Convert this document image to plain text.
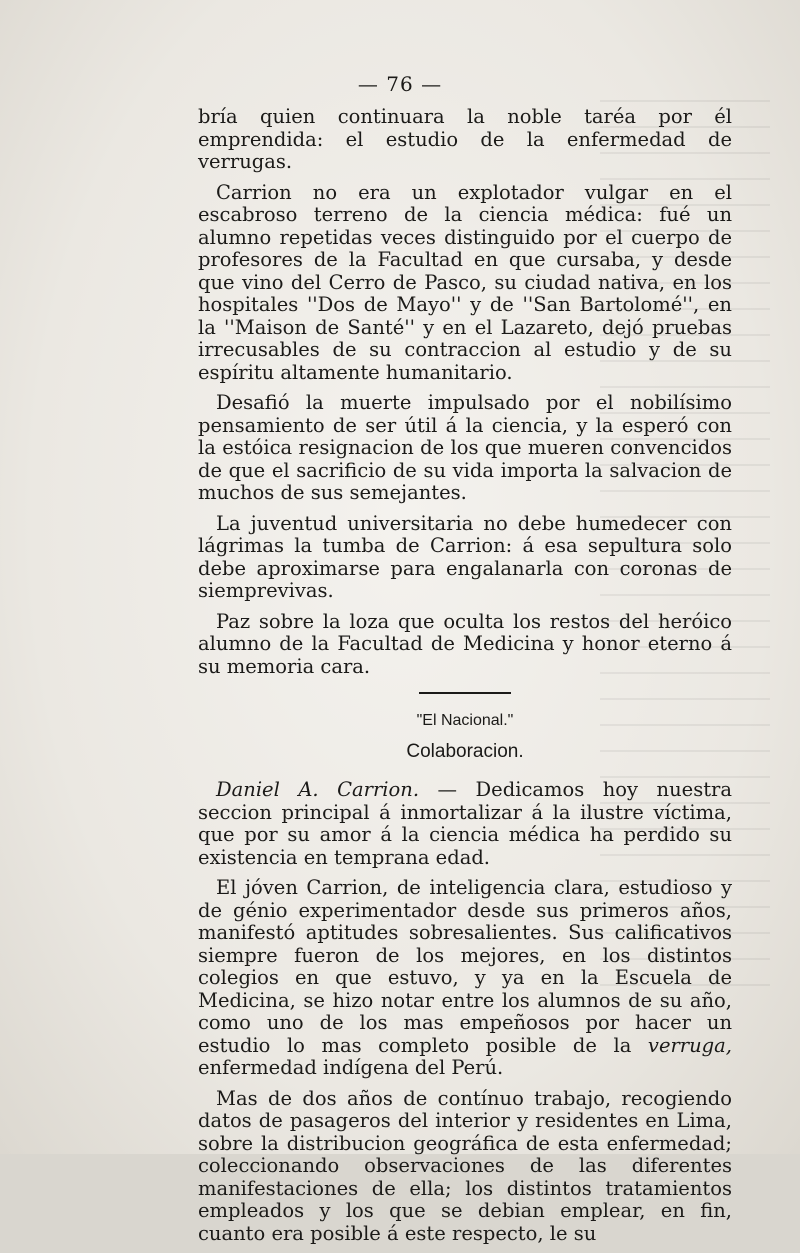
— 76 —

bría quien continuara la noble taréa por él emprendida: el estudio de la enfermedad de verrugas.

Carrion no era un explotador vulgar en el escabroso terreno de la ciencia médica: fué un alumno repetidas veces distinguido por el cuerpo de profesores de la Facultad en que cursaba, y desde que vino del Cerro de Pasco, su ciudad nativa, en los hospitales ''Dos de Mayo'' y de ''San Bartolomé'', en la ''Maison de Santé'' y en el Lazareto, dejó pruebas irrecusables de su contraccion al estudio y de su espíritu altamente humanitario.

Desafió la muerte impulsado por el nobilísimo pensamiento de ser útil á la ciencia, y la esperó con la estóica resignacion de los que mueren convencidos de que el sacrificio de su vida importa la salvacion de muchos de sus semejantes.

La juventud universitaria no debe humedecer con lágrimas la tumba de Carrion: á esa sepultura solo debe aproximarse para engalanarla con coronas de siemprevivas.

Paz sobre la loza que oculta los restos del heróico alumno de la Facultad de Medicina y honor eterno á su memoria cara.

"El Nacional."
Colaboracion.

Daniel A. Carrion. — Dedicamos hoy nuestra seccion principal á inmortalizar á la ilustre víctima, que por su amor á la ciencia médica ha perdido su existencia en temprana edad.

El jóven Carrion, de inteligencia clara, estudioso y de génio experimentador desde sus primeros años, manifestó aptitudes sobresalientes. Sus calificativos siempre fueron de los mejores, en los distintos colegios en que estuvo, y ya en la Escuela de Medicina, se hizo notar entre los alumnos de su año, como uno de los mas empeñosos por hacer un estudio lo mas completo posible de la verruga, enfermedad indígena del Perú.

Mas de dos años de contínuo trabajo, recogiendo datos de pasageros del interior y residentes en Lima, sobre la distribucion geográfica de esta enfermedad; coleccionando observaciones de las diferentes manifestaciones de ella; los distintos tratamientos empleados y los que se debian emplear, en fin, cuanto era posible á este respecto, le su
